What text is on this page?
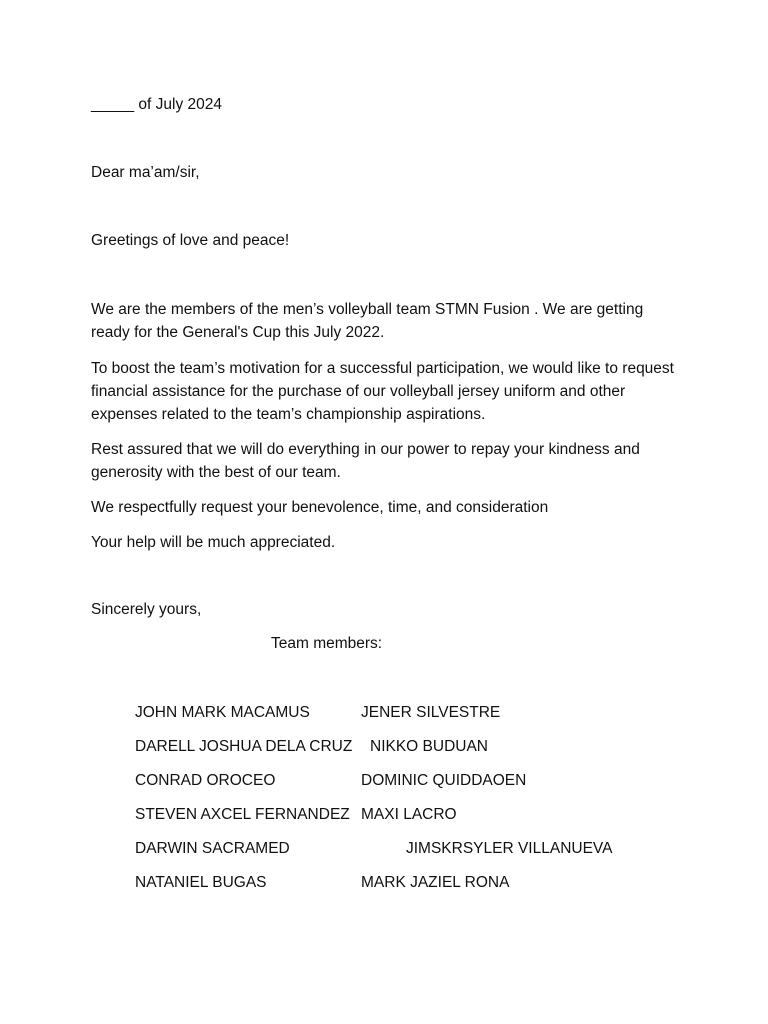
_____ of July 2024

Dear ma’am/sir,

Greetings of love and peace!

We are the members of the men’s volleyball team STMN Fusion . We are getting ready for the General's Cup this July 2022.

To boost the team’s motivation for a successful participation, we would like to request financial assistance for the purchase of our volleyball jersey uniform and other expenses related to the team’s championship aspirations.

Rest assured that we will do everything in our power to repay your kindness and generosity with the best of our team.

We respectfully request your benevolence, time, and consideration

Your help will be much appreciated.

Sincerely yours,

Team members:

JOHN MARK MACAMUS

DARELL JOSHUA DELA CRUZ

CONRAD OROCEO

STEVEN AXCEL FERNANDEZ

DARWIN SACRAMED

NATANIEL BUGAS

JENER SILVESTRE

NIKKO BUDUAN

DOMINIC QUIDDAOEN

MAXI LACRO

JIMSKRSYLER VILLANUEVA

MARK JAZIEL RONA
